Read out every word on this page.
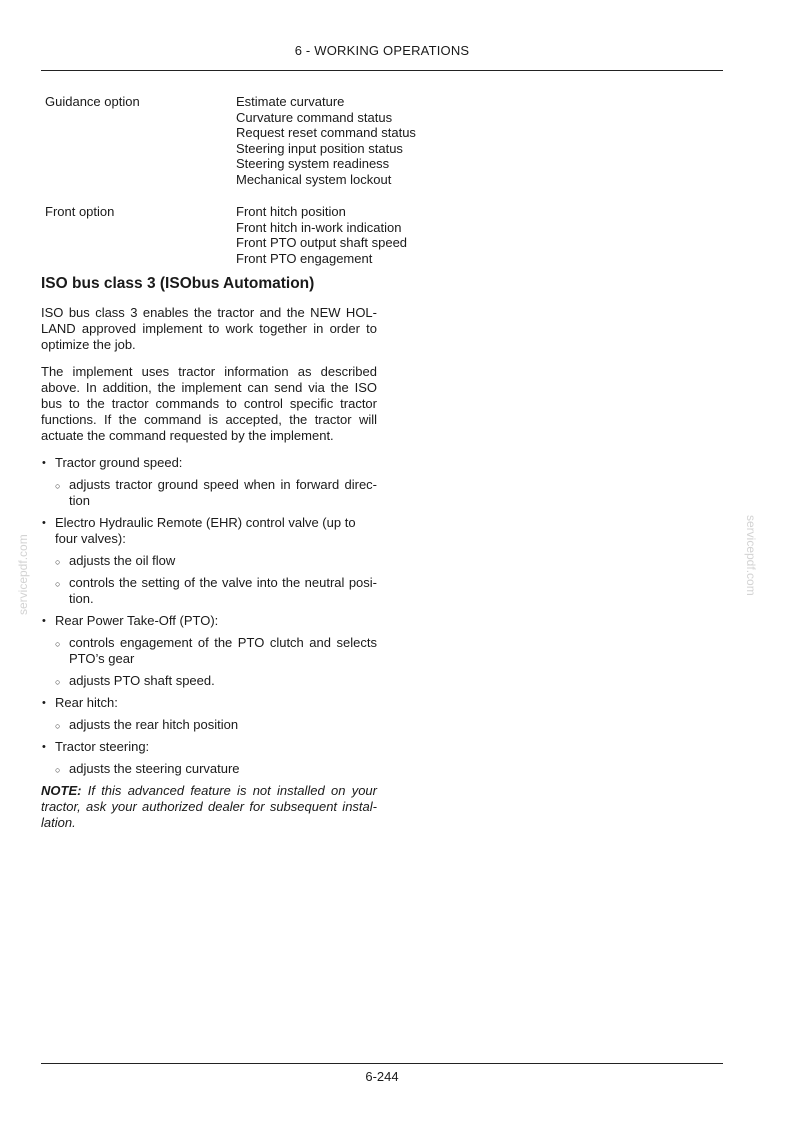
6 - WORKING OPERATIONS
Guidance option	Estimate curvature
Curvature command status
Request reset command status
Steering input position status
Steering system readiness
Mechanical system lockout
Front option	Front hitch position
Front hitch in-work indication
Front PTO output shaft speed
Front PTO engagement
ISO bus class 3 (ISObus Automation)

ISO bus class 3 enables the tractor and the NEW HOL-LAND approved implement to work together in order to optimize the job.

The implement uses tractor information as described above. In addition, the implement can send via the ISO bus to the tractor commands to control specific tractor functions. If the command is accepted, the tractor will actuate the command requested by the implement.

• Tractor ground speed:
○ adjusts tractor ground speed when in forward direc-tion
• Electro Hydraulic Remote (EHR) control valve (up to four valves):
○ adjusts the oil flow
○ controls the setting of the valve into the neutral posi-tion.
• Rear Power Take-Off (PTO):
○ controls engagement of the PTO clutch and selects PTO’s gear
○ adjusts PTO shaft speed.
• Rear hitch:
○ adjusts the rear hitch position
• Tractor steering:
○ adjusts the steering curvature

NOTE: If this advanced feature is not installed on your tractor, ask your authorized dealer for subsequent instal-lation.

servicepdf.com	servicepdf.com
6-244
